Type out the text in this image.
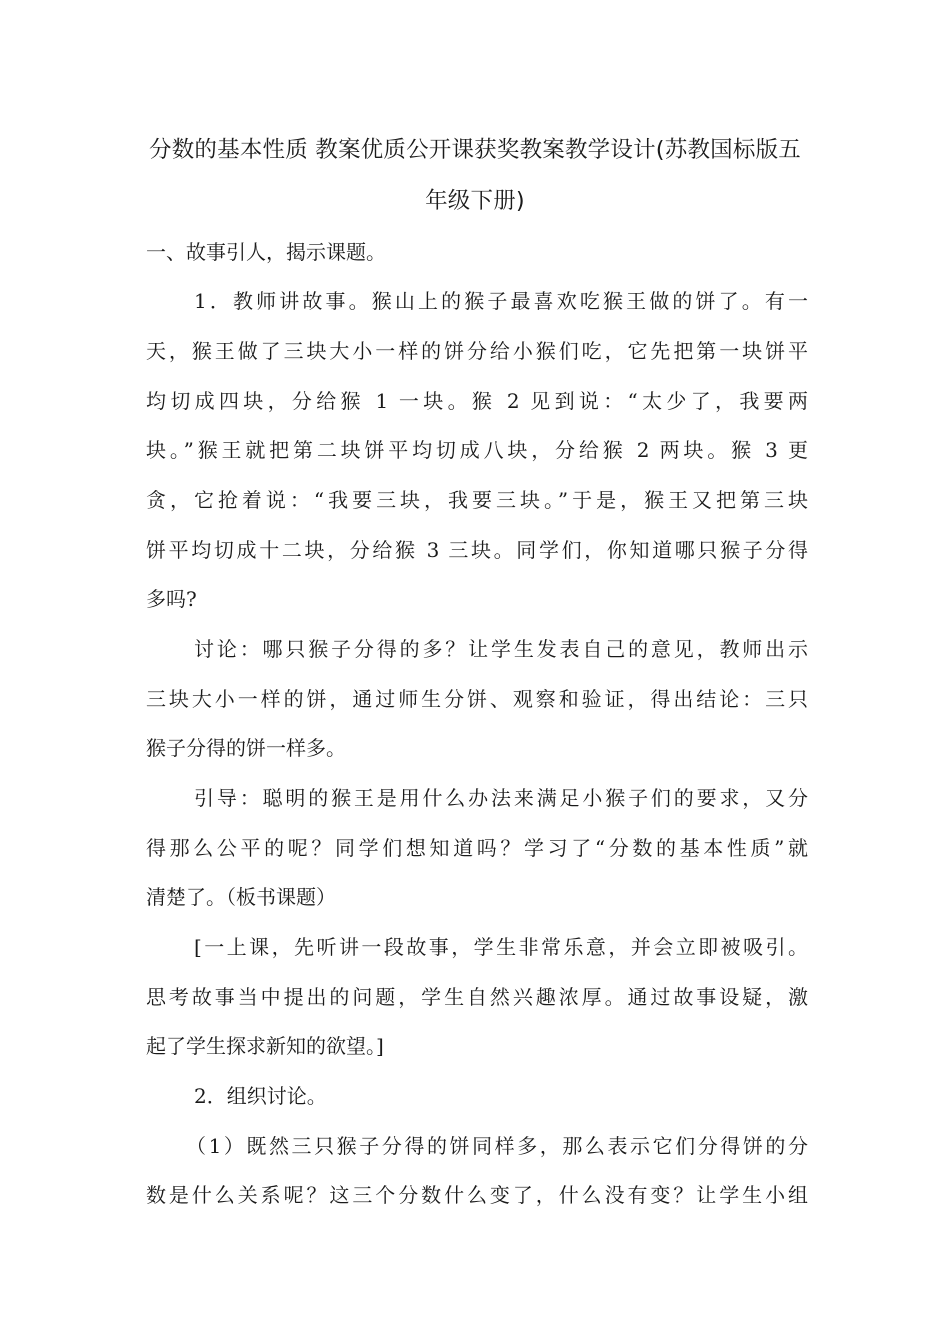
分数的基本性质 教案优质公开课获奖教案教学设计(苏教国标版五
年级下册)
一、故事引人，揭示课题。
1．教师讲故事。猴山上的猴子最喜欢吃猴王做的饼了。有一
天，猴王做了三块大小一样的饼分给小猴们吃，它先把第一块饼平
均切成四块，分给猴 1 一块。猴 2 见到说：“太少了，我要两
块。”猴王就把第二块饼平均切成八块，分给猴 2 两块。猴 3 更
贪，它抢着说：“我要三块，我要三块。”于是，猴王又把第三块
饼平均切成十二块，分给猴 3 三块。同学们，你知道哪只猴子分得
多吗?
讨论：哪只猴子分得的多？让学生发表自己的意见，教师出示
三块大小一样的饼，通过师生分饼、观察和验证，得出结论：三只
猴子分得的饼一样多。
引导：聪明的猴王是用什么办法来满足小猴子们的要求，又分
得那么公平的呢？同学们想知道吗？学习了“分数的基本性质”就
清楚了。（板书课题）
[一上课，先听讲一段故事，学生非常乐意，并会立即被吸引。
思考故事当中提出的问题，学生自然兴趣浓厚。通过故事设疑，激
起了学生探求新知的欲望。]
2．组织讨论。
（1）既然三只猴子分得的饼同样多，那么表示它们分得饼的分
数是什么关系呢？这三个分数什么变了，什么没有变？让学生小组
